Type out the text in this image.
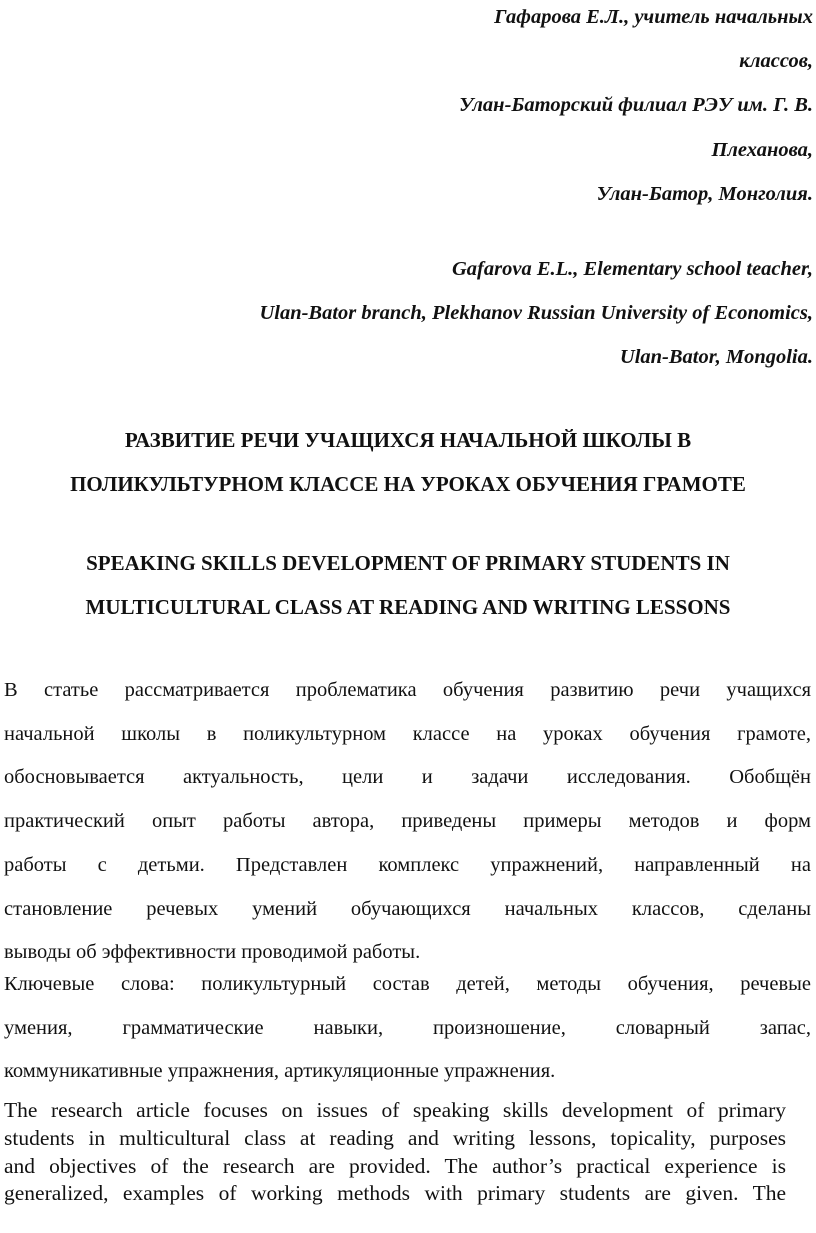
Гафарова Е.Л., учитель начальных
классов,
Улан-Баторский филиал РЭУ им. Г. В.
Плеханова,
Улан-Батор, Монголия.
Gafarova E.L., Elementary school teacher,
Ulan-Bator branch, Plekhanov Russian University of Economics,
Ulan-Bator, Mongolia.
РАЗВИТИЕ РЕЧИ УЧАЩИХСЯ НАЧАЛЬНОЙ ШКОЛЫ В
ПОЛИКУЛЬТУРНОМ КЛАССЕ НА УРОКАХ ОБУЧЕНИЯ ГРАМОТЕ
SPEAKING SKILLS DEVELOPMENT OF PRIMARY STUDENTS IN
MULTICULTURAL CLASS AT READING AND WRITING LESSONS

В статье рассматривается проблематика обучения развитию речи учащихся
начальной школы в поликультурном классе на уроках обучения грамоте,
обосновывается актуальность, цели и задачи исследования. Обобщён
практический опыт работы автора, приведены примеры методов и форм
работы с детьми. Представлен комплекс упражнений, направленный на
становление речевых умений обучающихся начальных классов, сделаны
выводы об эффективности проводимой работы.

Ключевые слова: поликультурный состав детей, методы обучения, речевые
умения, грамматические навыки, произношение, словарный запас,
коммуникативные упражнения, артикуляционные упражнения.

The research article focuses on issues of speaking skills development of primary
students in multicultural class at reading and writing lessons, topicality, purposes
and objectives of the research are provided. The author’s practical experience is
generalized, examples of working methods with primary students are given. The
